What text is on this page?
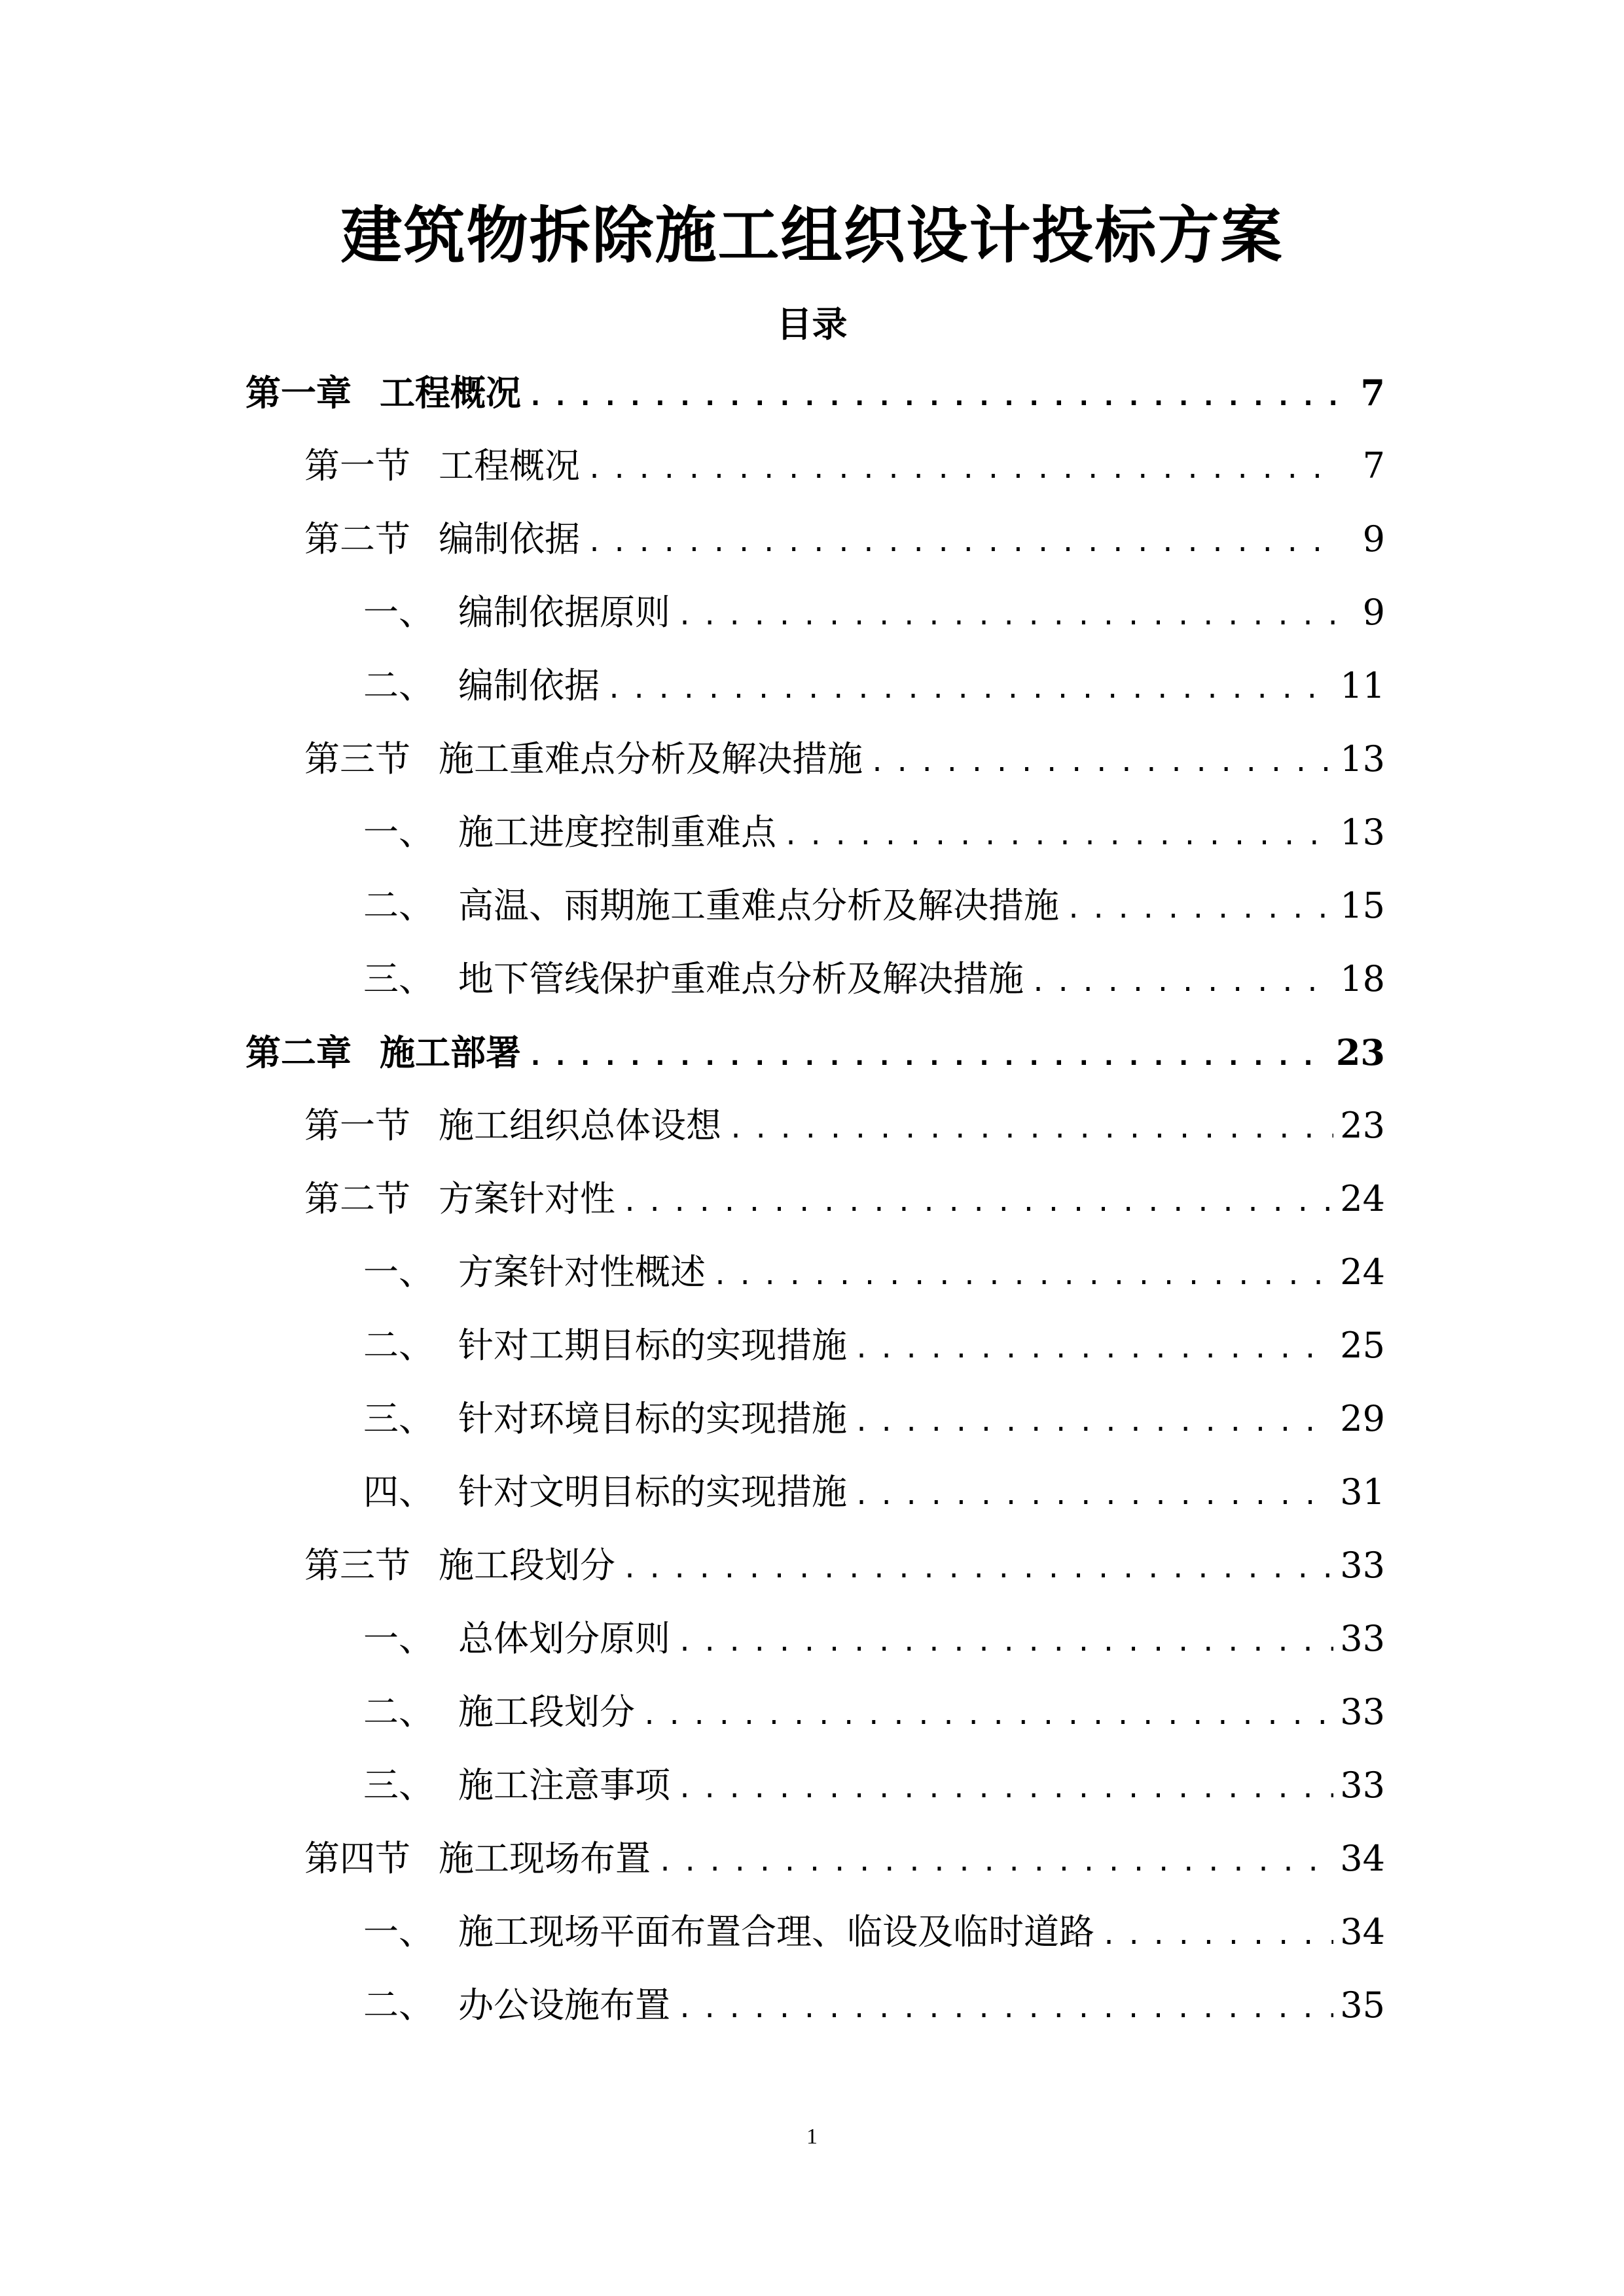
建筑物拆除施工组织设计投标方案
目录
第一章 工程概况 .....	7
第一节 工程概况 .....	7
第二节 编制依据 .....	9
一、 编制依据原则 .....	9
二、 编制依据 .....	11
第三节 施工重难点分析及解决措施 .....	13
一、 施工进度控制重难点 .....	13
二、 高温、雨期施工重难点分析及解决措施 .....	15
三、 地下管线保护重难点分析及解决措施 .....	18
第二章 施工部署 .....	23
第一节 施工组织总体设想 .....	23
第二节 方案针对性 .....	24
一、 方案针对性概述 .....	24
二、 针对工期目标的实现措施 .....	25
三、 针对环境目标的实现措施 .....	29
四、 针对文明目标的实现措施 .....	31
第三节 施工段划分 .....	33
一、 总体划分原则 .....	33
二、 施工段划分 .....	33
三、 施工注意事项 .....	33
第四节 施工现场布置 .....	34
一、 施工现场平面布置合理、临设及临时道路 .....	34
二、 办公设施布置 .....	35
1
